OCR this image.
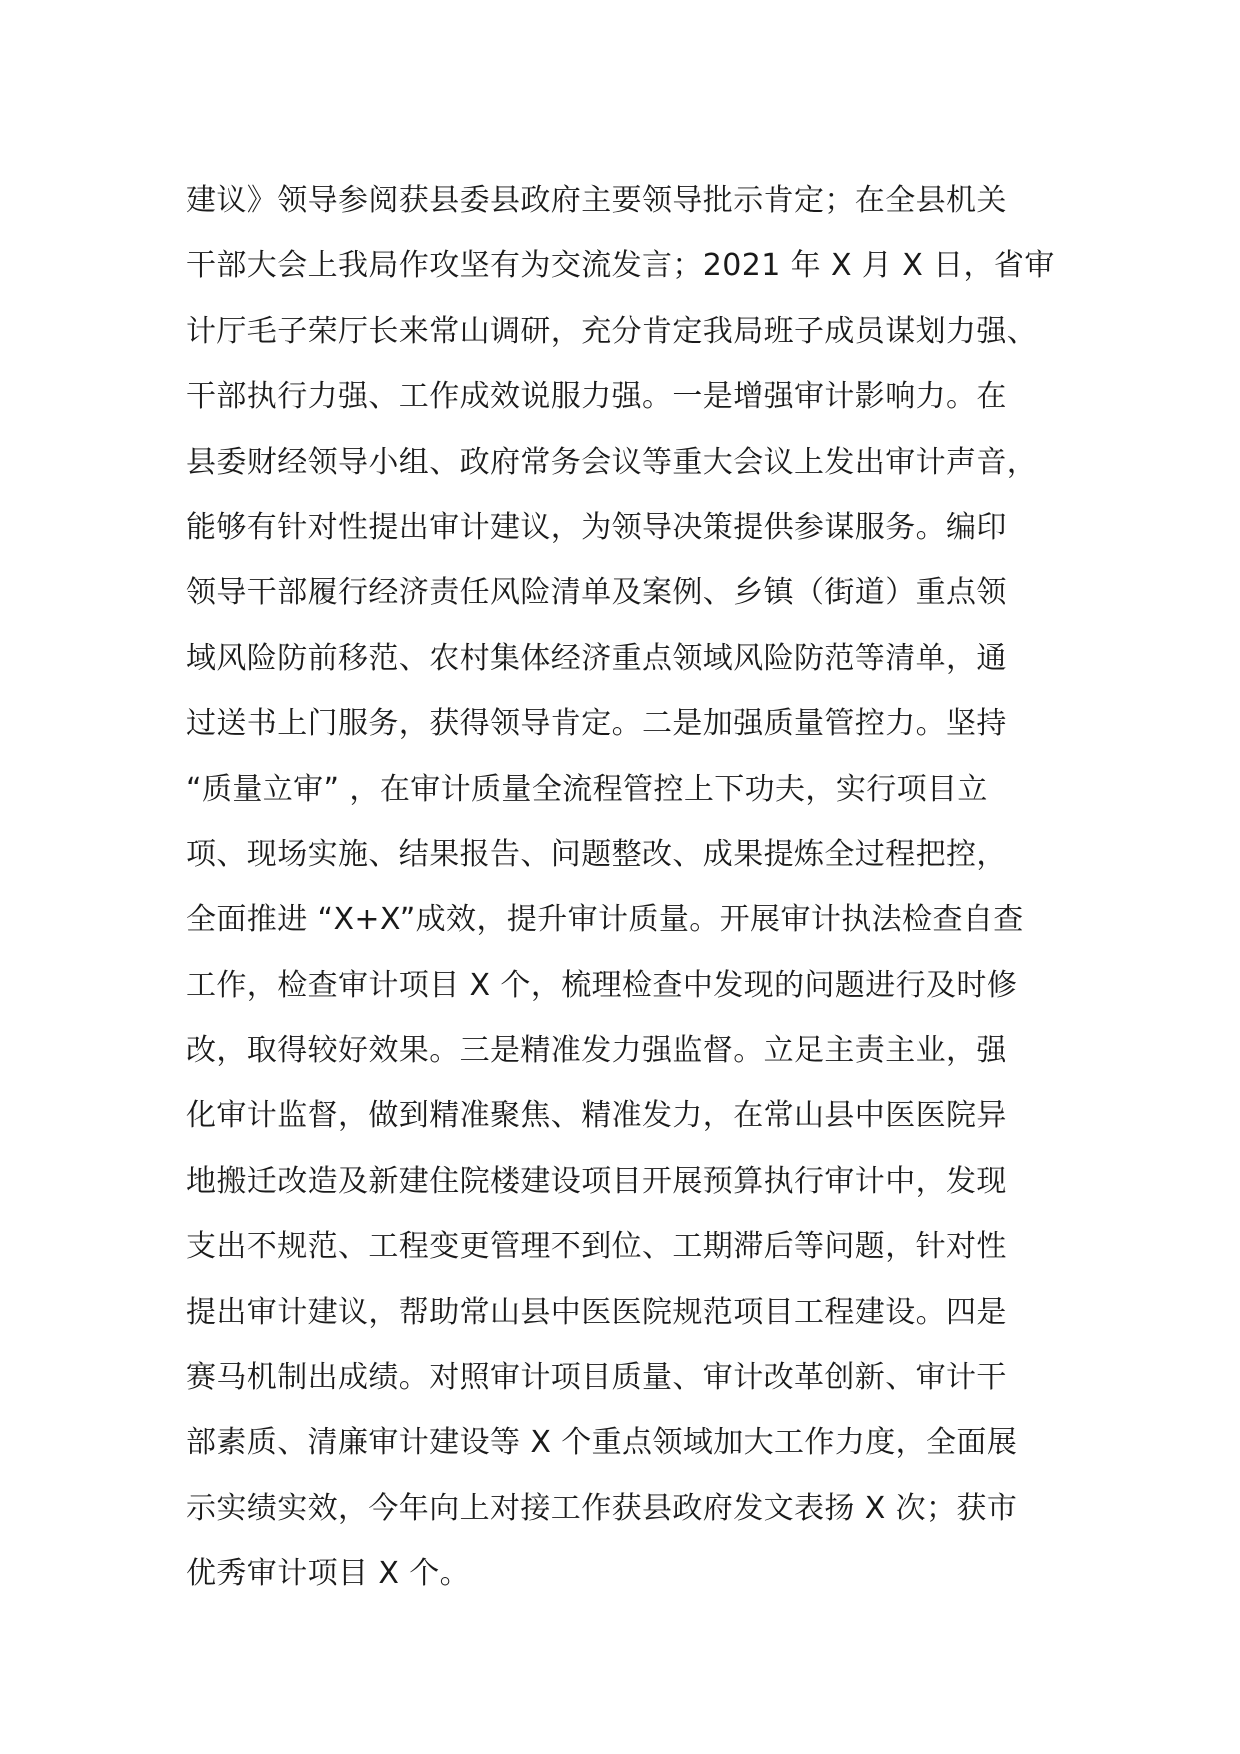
建议》领导参阅获县委县政府主要领导批示肯定；在全县机关
干部大会上我局作攻坚有为交流发言；2021 年 X 月 X 日，省审
计厅毛子荣厅长来常山调研，充分肯定我局班子成员谋划力强、
干部执行力强、工作成效说服力强。一是增强审计影响力。在
县委财经领导小组、政府常务会议等重大会议上发出审计声音，
能够有针对性提出审计建议，为领导决策提供参谋服务。编印
领导干部履行经济责任风险清单及案例、乡镇（街道）重点领
域风险防前移范、农村集体经济重点领域风险防范等清单，通
过送书上门服务，获得领导肯定。二是加强质量管控力。坚持
“质量立审” ，在审计质量全流程管控上下功夫，实行项目立
项、现场实施、结果报告、问题整改、成果提炼全过程把控，
全面推进 “X+X”成效，提升审计质量。开展审计执法检查自查
工作，检查审计项目 X 个，梳理检查中发现的问题进行及时修
改，取得较好效果。三是精准发力强监督。立足主责主业，强
化审计监督，做到精准聚焦、精准发力，在常山县中医医院异
地搬迁改造及新建住院楼建设项目开展预算执行审计中，发现
支出不规范、工程变更管理不到位、工期滞后等问题，针对性
提出审计建议，帮助常山县中医医院规范项目工程建设。四是
赛马机制出成绩。对照审计项目质量、审计改革创新、审计干
部素质、清廉审计建设等 X 个重点领域加大工作力度，全面展
示实绩实效，今年向上对接工作获县政府发文表扬 X 次；获市
优秀审计项目 X 个。
